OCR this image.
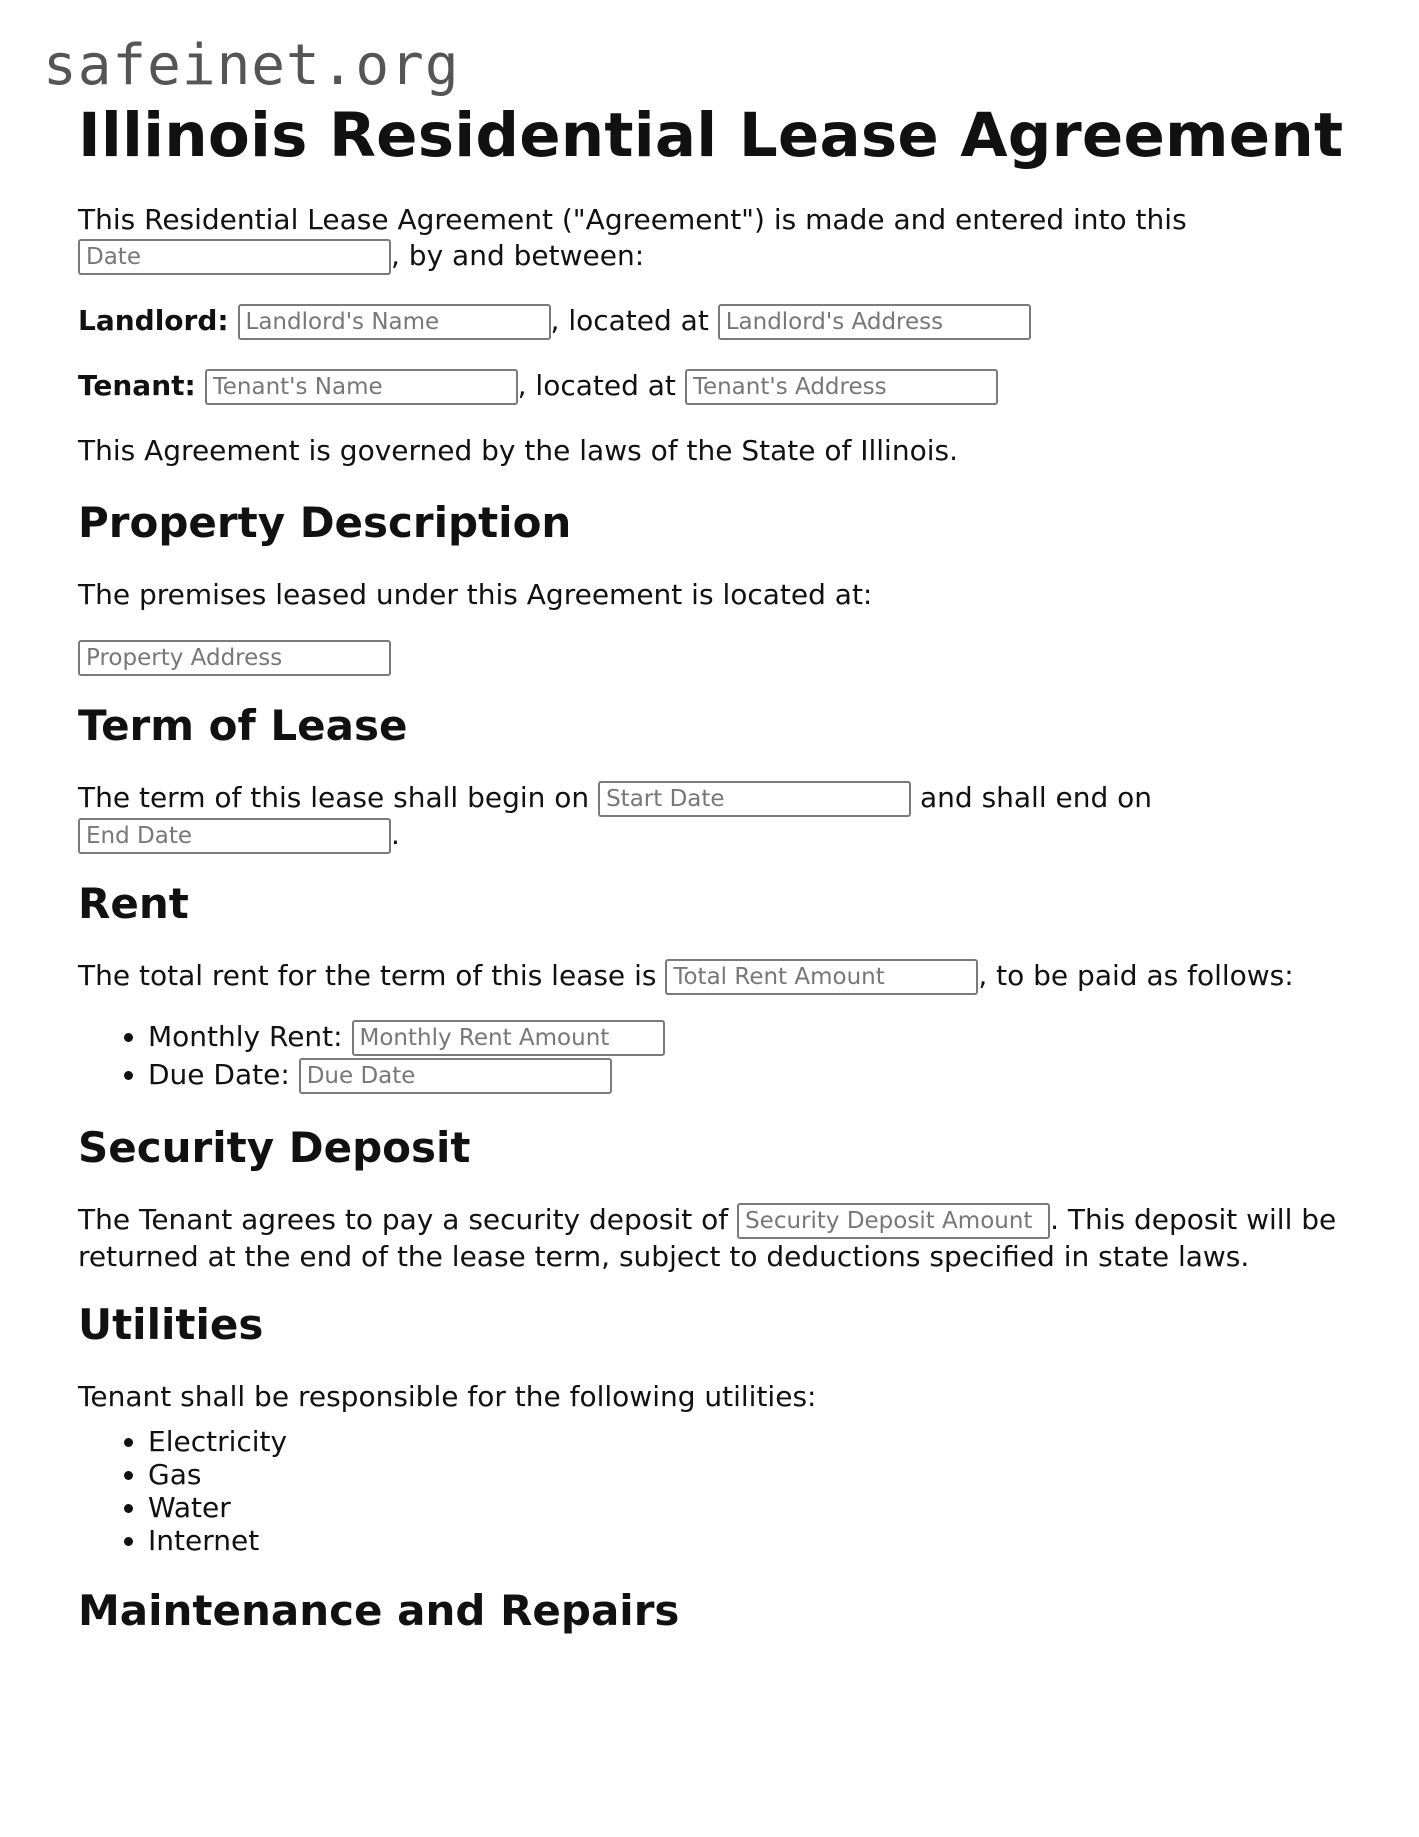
safeinet.org
Illinois Residential Lease Agreement

This Residential Lease Agreement ("Agreement") is made and entered into this
Date, by and between:

Landlord: Landlord's Name	, located at Landlord's Address

Tenant: Tenant's Name	, located at Tenant's Address

This Agreement is governed by the laws of the State of Illinois.

Property Description

The premises leased under this Agreement is located at:

Property Address

Term of Lease

The term of this lease shall begin on Start Date	and shall end on
End Date.

Rent

The total rent for the term of this lease is Total Rent Amount	, to be paid as follows:

• Monthly Rent: Monthly Rent Amount
• Due Date: Due Date
Security Deposit

The Tenant agrees to pay a security deposit of Security Deposit Amount	. This deposit will be returned at the end of the lease term, subject to deductions specified in state laws.

Utilities

Tenant shall be responsible for the following utilities:

• Electricity
• Gas
• Water
• Internet
Maintenance and Repairs
